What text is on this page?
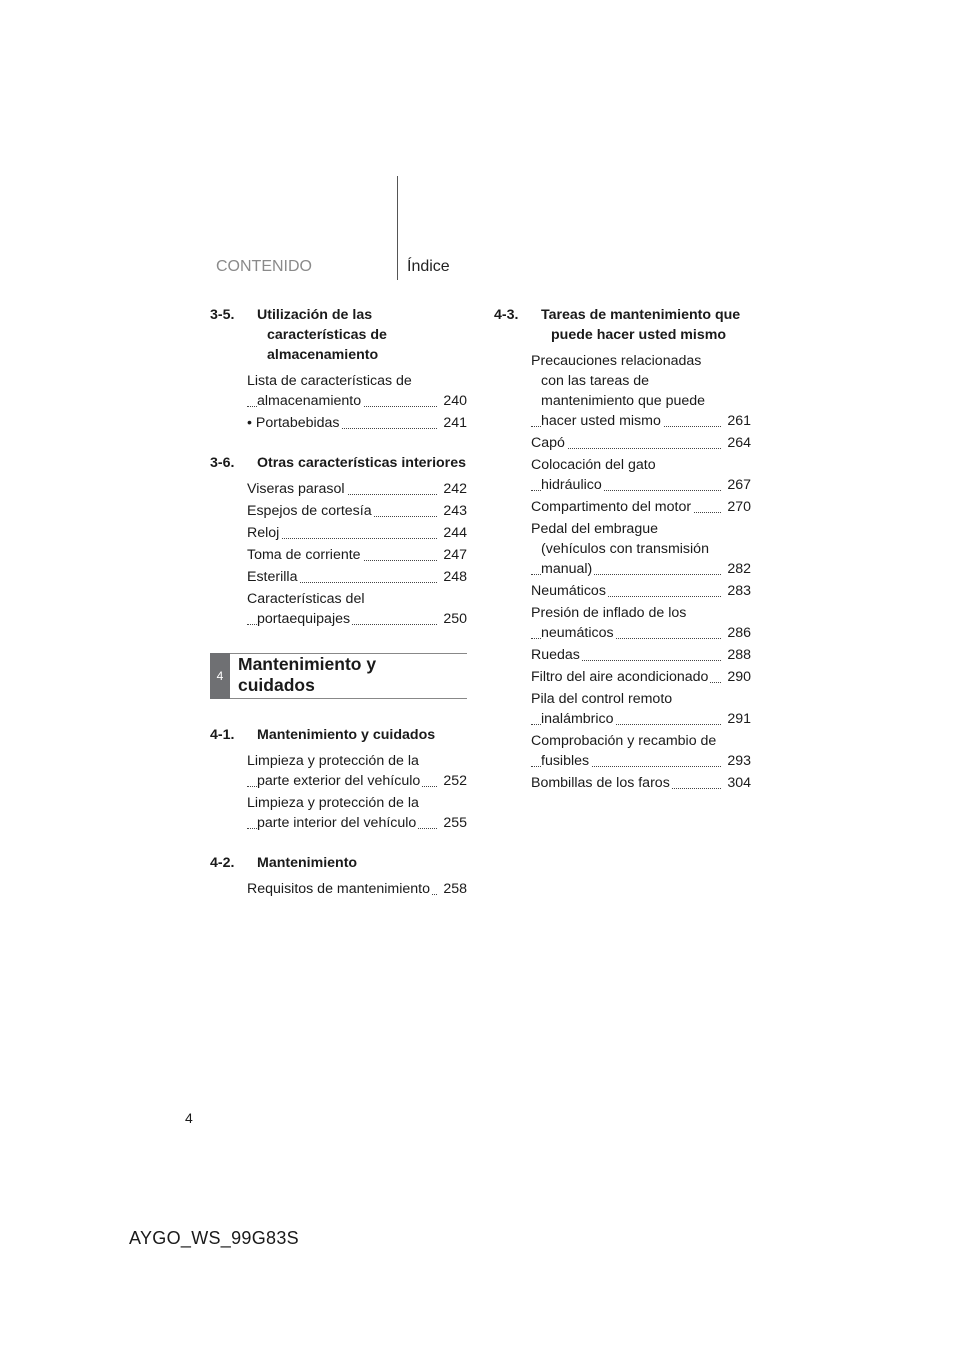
CONTENIDO	Índice
3-5. Utilización de las características de almacenamiento
Lista de características de almacenamiento	240
• Portabebidas	241
3-6. Otras características interiores
Viseras parasol	242
Espejos de cortesía	243
Reloj	244
Toma de corriente	247
Esterilla	248
Características del portaequipajes	250
4
Mantenimiento y
cuidados
4-1. Mantenimiento y cuidados
Limpieza y protección de la parte exterior del vehículo	252
Limpieza y protección de la parte interior del vehículo	255
4-2. Mantenimiento
Requisitos de mantenimiento 258
4-3. Tareas de mantenimiento que puede hacer usted mismo
Precauciones relacionadas con las tareas de mantenimiento que puede hacer usted mismo	261
Capó	264
Colocación del gato hidráulico	267
Compartimento del motor	270
Pedal del embrague (vehículos con transmisión manual)	282
Neumáticos	283
Presión de inflado de los neumáticos	286
Ruedas	288
Filtro del aire acondicionado	290
Pila del control remoto inalámbrico	291
Comprobación y recambio de fusibles	293
Bombillas de los faros	304
4
AYGO_WS_99G83S
